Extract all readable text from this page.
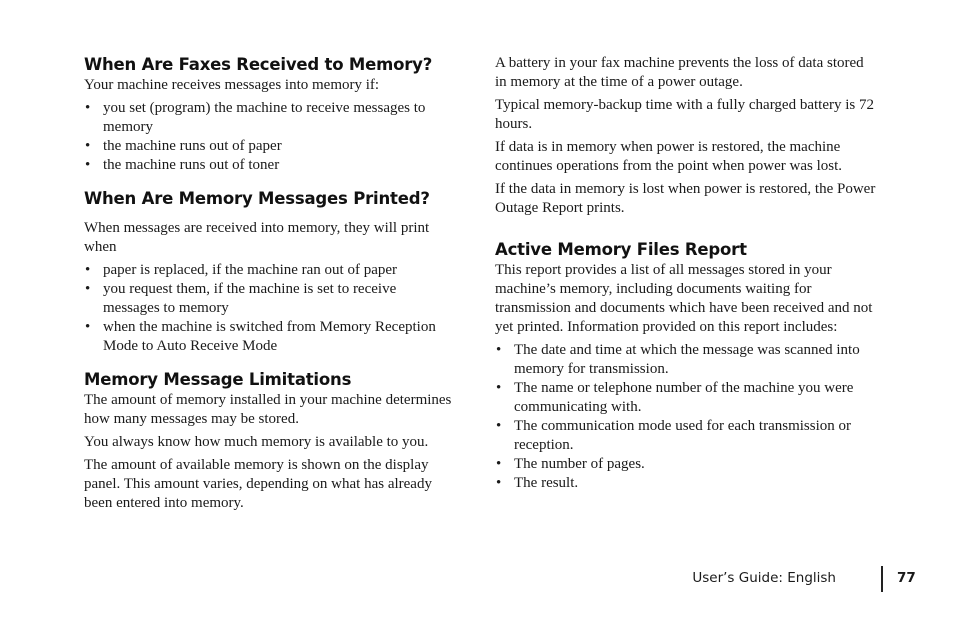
When Are Faxes Received to Memory?

Your machine receives messages into memory if:

• you set (program) the machine to receive messages to memory
• the machine runs out of paper
• the machine runs out of toner
When Are Memory Messages Printed?

When messages are received into memory, they will print when

• paper is replaced, if the machine ran out of paper
• you request them, if the machine is set to receive messages to memory
• when the machine is switched from Memory Reception Mode to Auto Receive Mode
Memory Message Limitations

The amount of memory installed in your machine determines how many messages may be stored.

You always know how much memory is available to you.

The amount of available memory is shown on the display panel. This amount varies, depending on what has already been entered into memory.

A battery in your fax machine prevents the loss of data stored in memory at the time of a power outage.

Typical memory-backup time with a fully charged battery is 72 hours.

If data is in memory when power is restored, the machine continues operations from the point when power was lost.

If the data in memory is lost when power is restored, the Power Outage Report prints.

Active Memory Files Report

This report provides a list of all messages stored in your machine’s memory, including documents waiting for transmission and documents which have been received and not yet printed. Information provided on this report includes:

• The date and time at which the message was scanned into memory for transmission.
• The name or telephone number of the machine you were communicating with.
• The communication mode used for each transmission or reception.
• The number of pages.
• The result.
User’s Guide: English	77
